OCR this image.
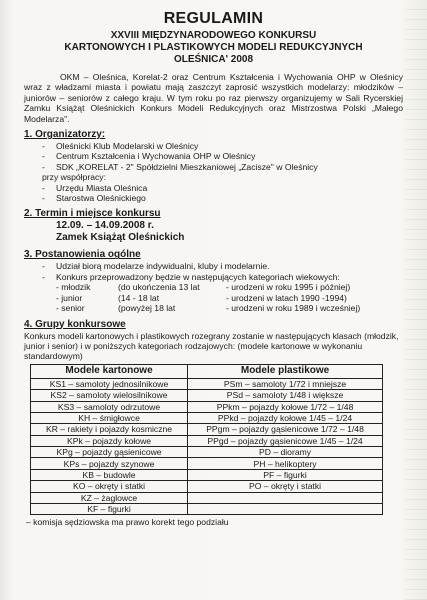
REGULAMIN
XXVIII MIĘDZYNARODOWEGO KONKURSU
KARTONOWYCH I PLASTIKOWYCH MODELI REDUKCYJNYCH
OLEŚNICA' 2008

OKM – Oleśnica, Korelat-2 oraz Centrum Kształcenia i Wychowania OHP w Oleśnicy wraz z władzami miasta i powiatu mają zaszczyt zaprosić wszystkich modelarzy: młodzików – juniorów – seniorów z całego kraju. W tym roku po raz pierwszy organizujemy w Sali Rycerskiej Zamku Książąt Oleśnickich Konkurs Modeli Redukcyjnych oraz Mistrzostwa Polski „Małego Modelarza".

1. Organizatorzy:
-	Oleśnicki Klub Modelarski w Oleśnicy
-	Centrum Kształcenia i Wychowania OHP w Oleśnicy
-	SDK „KORELAT - 2" Spółdzielni Mieszkaniowej „Zacisze" w Oleśnicy
przy współpracy:
-	Urzędu Miasta Oleśnica
-	Starostwa Oleśnickiego
2. Termin i miejsce konkursu
12.09. – 14.09.2008 r.
Zamek Książąt Oleśnickich
3. Postanowienia ogólne
-	Udział biorą modelarze indywidualni, kluby i modelarnie.
-	Konkurs przeprowadzony będzie w następujących kategoriach wiekowych:
- młodzik	(do ukończenia 13 lat	- urodzeni w roku 1995 i później)
- junior	(14 - 18 lat	- urodzeni w latach 1990 -1994)
- senior	(powyżej 18 lat	- urodzeni w roku 1989 i wcześniej)
4. Grupy konkursowe
Konkurs modeli kartonowych i plastikowych rozegrany zostanie w następujących klasach (młodzik, junior i senior) i w poniższych kategoriach rodzajowych: (modele kartonowe w wykonaniu standardowym)
Modele kartonowe	Modele plastikowe
KS1 – samoloty jednosilnikowe	PSm – samoloty 1/72 i mniejsze
KS2 – samoloty wielosilnikowe	PSd – samoloty 1/48 i większe
KS3 – samoloty odrzutowe	PPkm – pojazdy kołowe 1/72 – 1/48
KH – śmigłowce	PPkd – pojazdy kołowe 1/45 – 1/24
KR – rakiety i pojazdy kosmiczne	PPgm – pojazdy gąsienicowe 1/72 – 1/48
KPk – pojazdy kołowe	PPgd – pojazdy gąsienicowe 1/45 – 1/24
KPg – pojazdy gąsienicowe	PD – dioramy
KPs – pojazdy szynowe	PH – helikoptery
KB – budowle	PF – figurki
KO – okręty i statki	PO – okręty i statki
KZ – żaglowce	
KF – figurki	
– komisja sędziowska ma prawo korekt tego podziału
